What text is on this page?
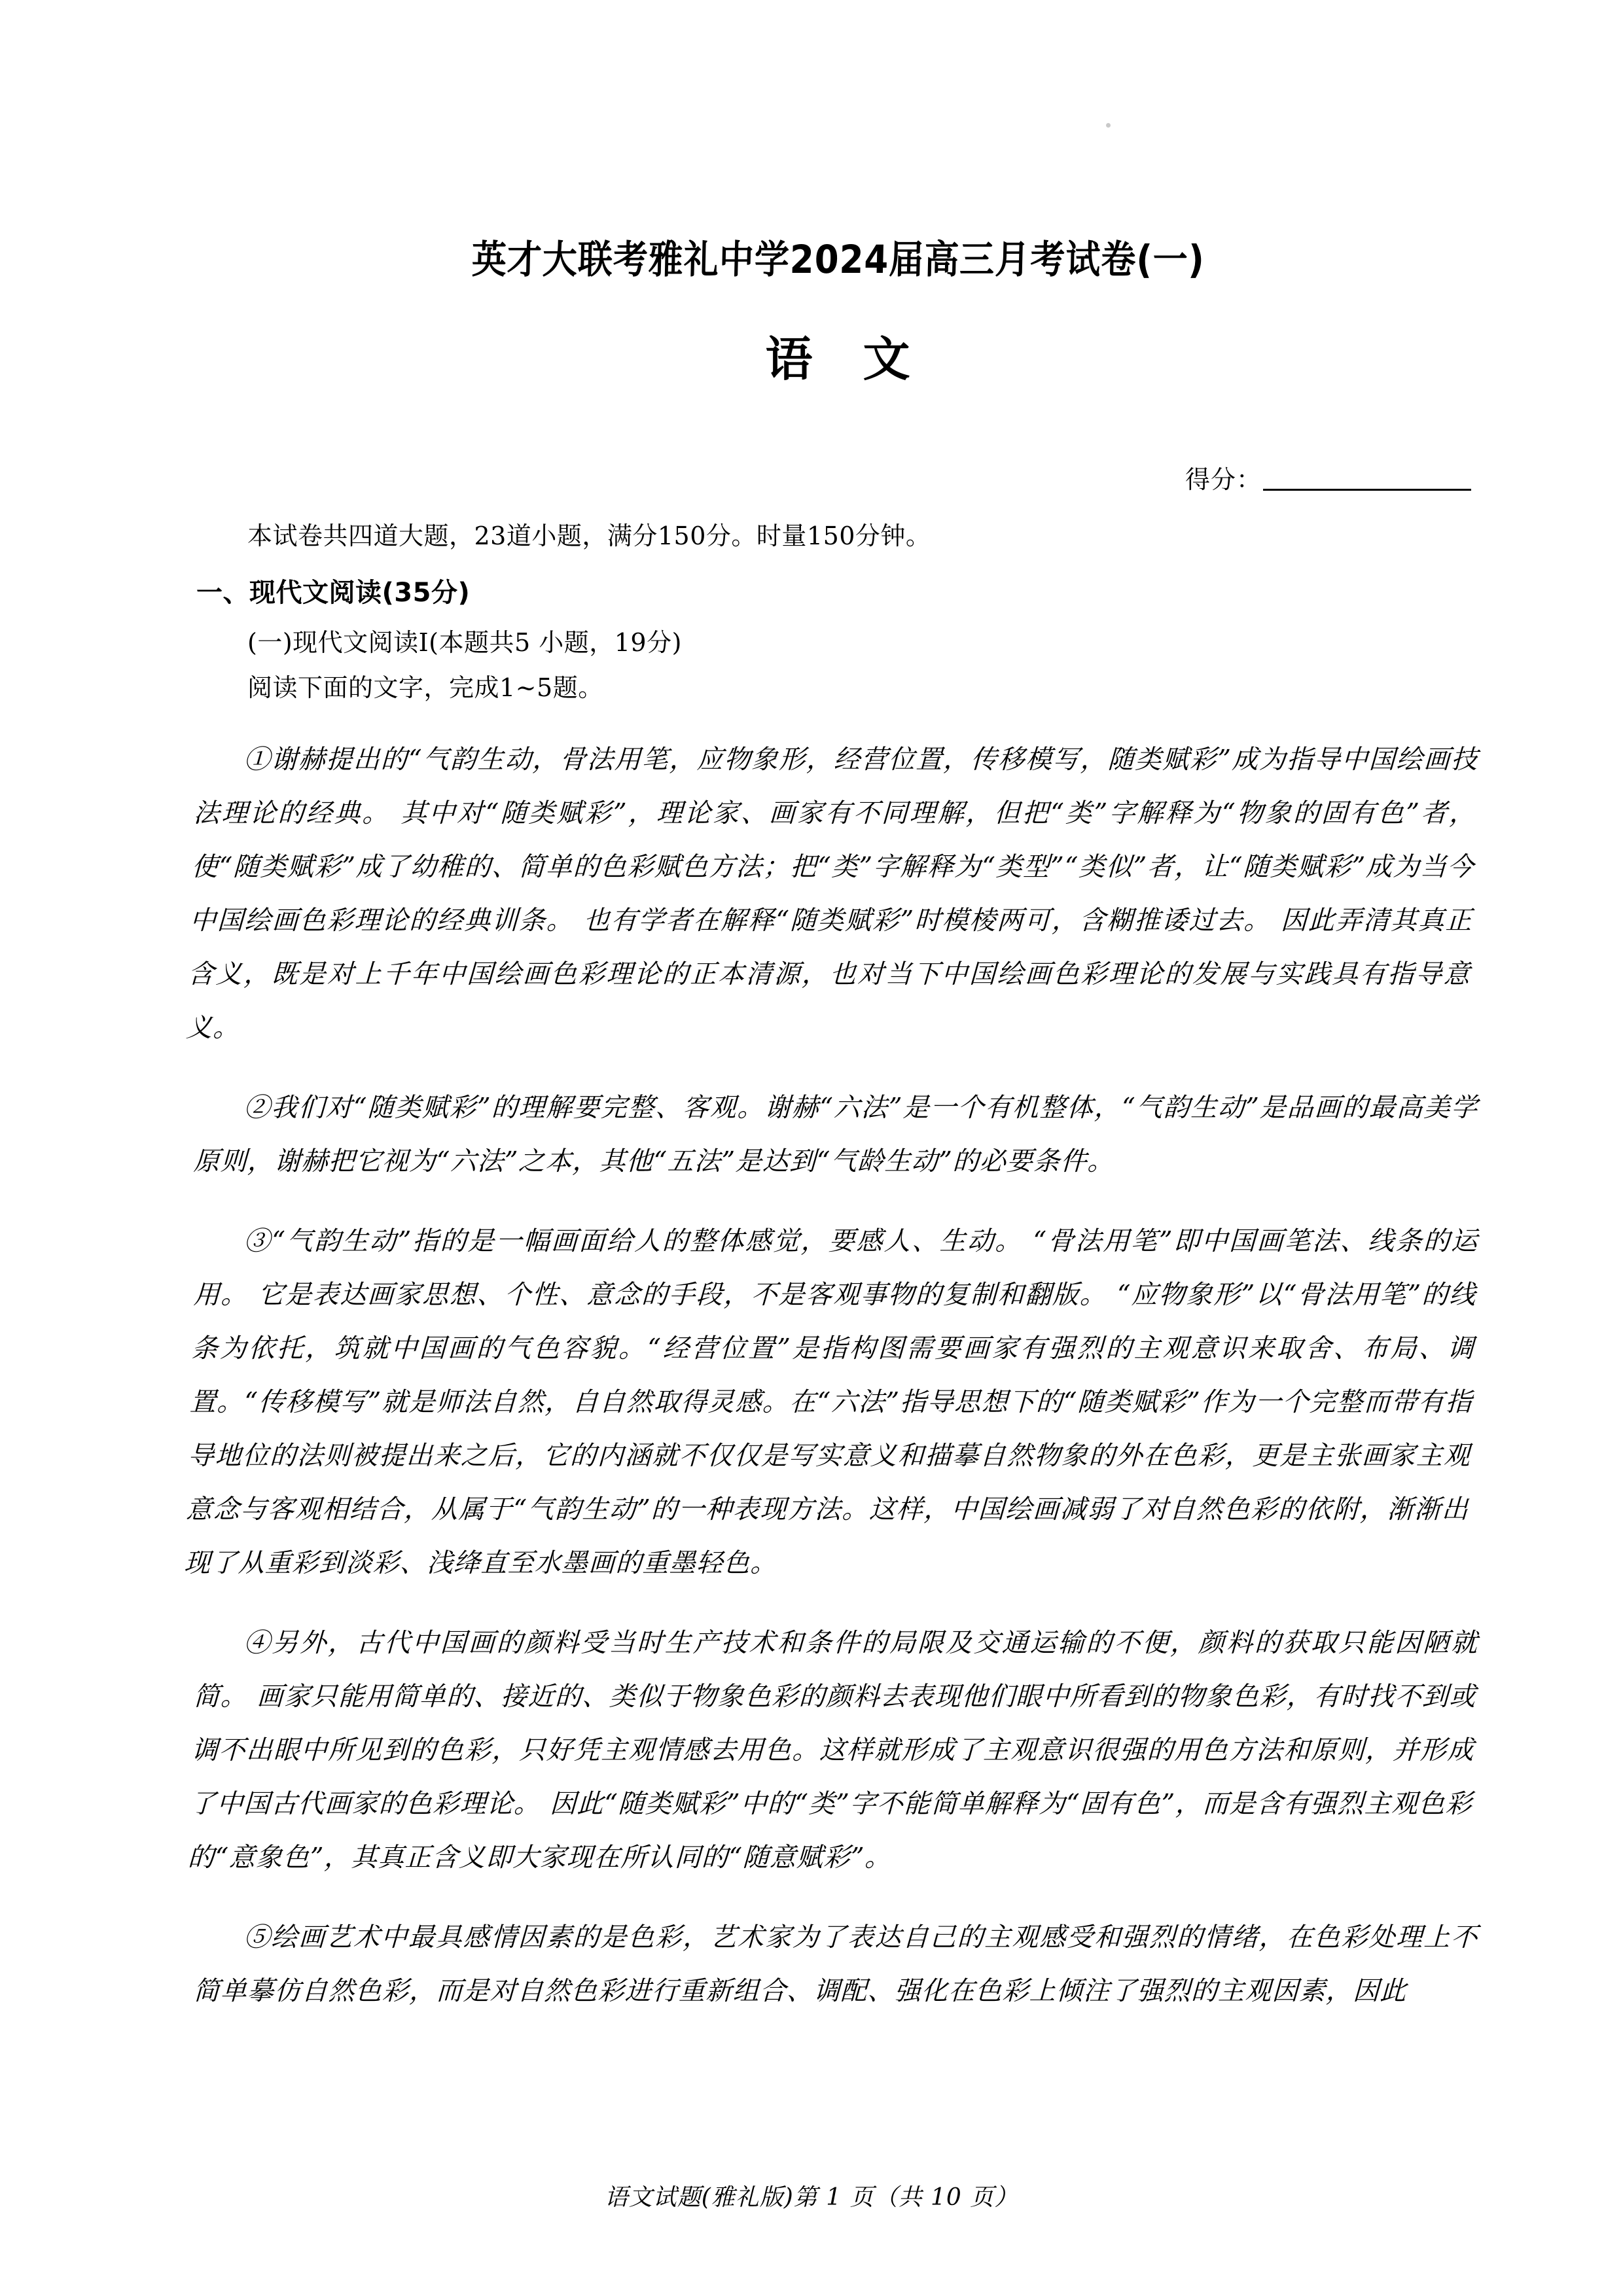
英才大联考雅礼中学2024届高三月考试卷(一)
语 文
得分：
本试卷共四道大题，23道小题，满分150分。时量150分钟。
一、现代文阅读(35分)
(一)现代文阅读Ⅰ(本题共5 小题，19分)
阅读下面的文字，完成1~5题。

①谢赫提出的“气韵生动，骨法用笔，应物象形，经营位置，传移模写，随类赋彩”成为指导中国绘画技法理论的经典。 其中对“随类赋彩”，理论家、画家有不同理解，但把“类”字解释为“物象的固有色”者，使“随类赋彩”成了幼稚的、简单的色彩赋色方法；把“类”字解释为“类型”“类似”者，让“随类赋彩”成为当今中国绘画色彩理论的经典训条。 也有学者在解释“随类赋彩”时模棱两可，含糊推诿过去。 因此弄清其真正含义，既是对上千年中国绘画色彩理论的正本清源，也对当下中国绘画色彩理论的发展与实践具有指导意义。

②我们对“随类赋彩”的理解要完整、客观。谢赫“六法”是一个有机整体，“气韵生动”是品画的最高美学原则，谢赫把它视为“六法”之本，其他“五法”是达到“气龄生动”的必要条件。

③“气韵生动”指的是一幅画面给人的整体感觉，要感人、生动。 “骨法用笔”即中国画笔法、线条的运用。 它是表达画家思想、个性、意念的手段，不是客观事物的复制和翻版。 “应物象形”以“骨法用笔”的线条为依托，筑就中国画的气色容貌。“经营位置”是指构图需要画家有强烈的主观意识来取舍、布局、调置。“传移模写”就是师法自然，自自然取得灵感。在“六法”指导思想下的“随类赋彩”作为一个完整而带有指导地位的法则被提出来之后，它的内涵就不仅仅是写实意义和描摹自然物象的外在色彩，更是主张画家主观意念与客观相结合，从属于“气韵生动”的一种表现方法。这样，中国绘画减弱了对自然色彩的依附，渐渐出现了从重彩到淡彩、浅绛直至水墨画的重墨轻色。

④另外，古代中国画的颜料受当时生产技术和条件的局限及交通运输的不便，颜料的获取只能因陋就简。 画家只能用简单的、接近的、类似于物象色彩的颜料去表现他们眼中所看到的物象色彩，有时找不到或调不出眼中所见到的色彩，只好凭主观情感去用色。这样就形成了主观意识很强的用色方法和原则，并形成了中国古代画家的色彩理论。 因此“随类赋彩”中的“类”字不能简单解释为“固有色”，而是含有强烈主观色彩的“意象色”，其真正含义即大家现在所认同的“随意赋彩”。

⑤绘画艺术中最具感情因素的是色彩，艺术家为了表达自己的主观感受和强烈的情绪，在色彩处理上不简单摹仿自然色彩，而是对自然色彩进行重新组合、调配、强化在色彩上倾注了强烈的主观因素，因此

语文试题(雅礼版)第 1 页（共 10 页）
